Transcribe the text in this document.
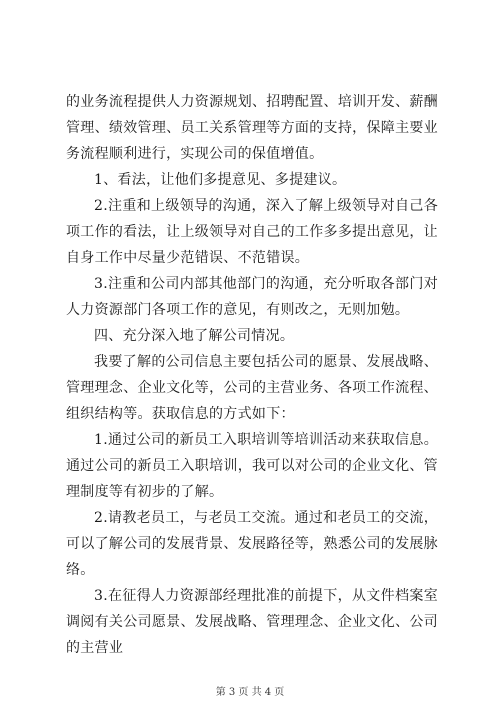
的业务流程提供人力资源规划、招聘配置、培训开发、薪酬管理、绩效管理、员工关系管理等方面的支持，保障主要业务流程顺利进行，实现公司的保值增值。

1、看法，让他们多提意见、多提建议。

2.注重和上级领导的沟通，深入了解上级领导对自己各项工作的看法，让上级领导对自己的工作多多提出意见，让自身工作中尽量少范错误、不范错误。

3.注重和公司内部其他部门的沟通，充分听取各部门对人力资源部门各项工作的意见，有则改之，无则加勉。

四、充分深入地了解公司情况。

我要了解的公司信息主要包括公司的愿景、发展战略、管理理念、企业文化等，公司的主营业务、各项工作流程、组织结构等。获取信息的方式如下：

1.通过公司的新员工入职培训等培训活动来获取信息。通过公司的新员工入职培训，我可以对公司的企业文化、管理制度等有初步的了解。

2.请教老员工，与老员工交流。通过和老员工的交流，可以了解公司的发展背景、发展路径等，熟悉公司的发展脉络。

3.在征得人力资源部经理批准的前提下，从文件档案室调阅有关公司愿景、发展战略、管理理念、企业文化、公司的主营业

第 3 页 共 4 页
